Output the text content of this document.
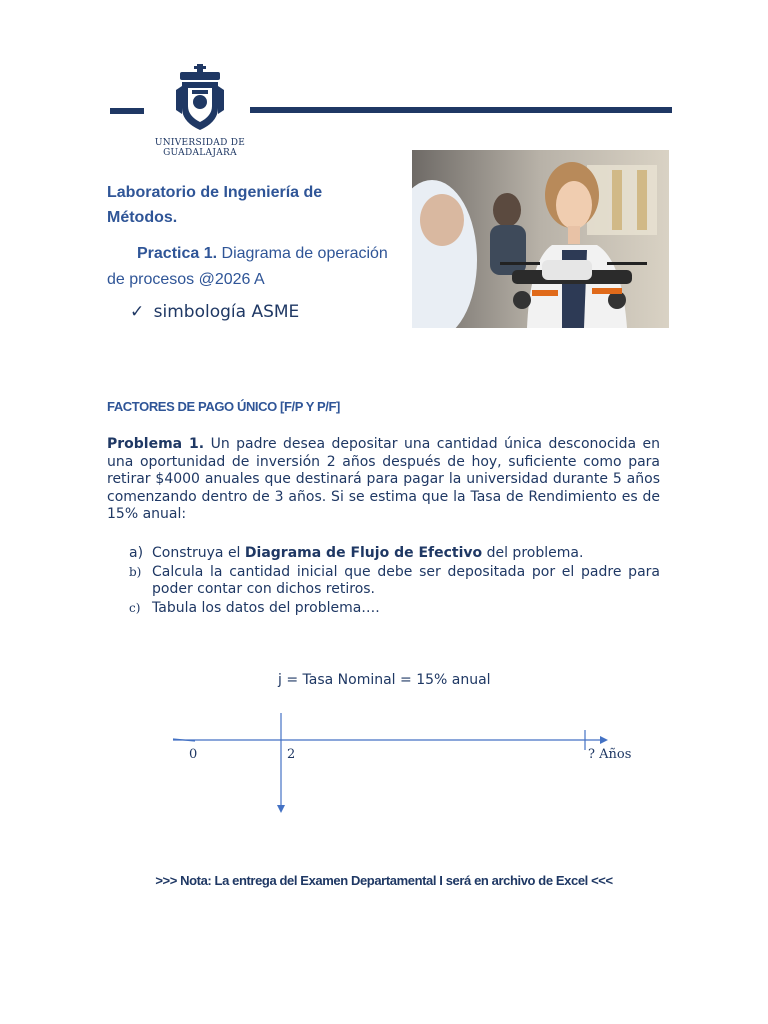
UNIVERSIDAD DE
GUADALAJARA
Laboratorio de Ingeniería de Métodos.
Practica 1. Diagrama de operación de procesos @2026 A
✓ simbología ASME
FACTORES DE PAGO ÚNICO [F/P Y P/F]
Problema 1. Un padre desea depositar una cantidad única desconocida en una oportunidad de inversión 2 años después de hoy, suficiente como para retirar $4000 anuales que destinará para pagar la universidad durante 5 años comenzando dentro de 3 años. Si se estima que la Tasa de Rendimiento es de 15% anual:
a) Construya el Diagrama de Flujo de Efectivo del problema.
b) Calcula la cantidad inicial que debe ser depositada por el padre para poder contar con dichos retiros.
c) Tabula los datos del problema….
j = Tasa Nominal = 15% anual
0	2	? Años
>>> Nota: La entrega del Examen Departamental I será en archivo de Excel <<<
